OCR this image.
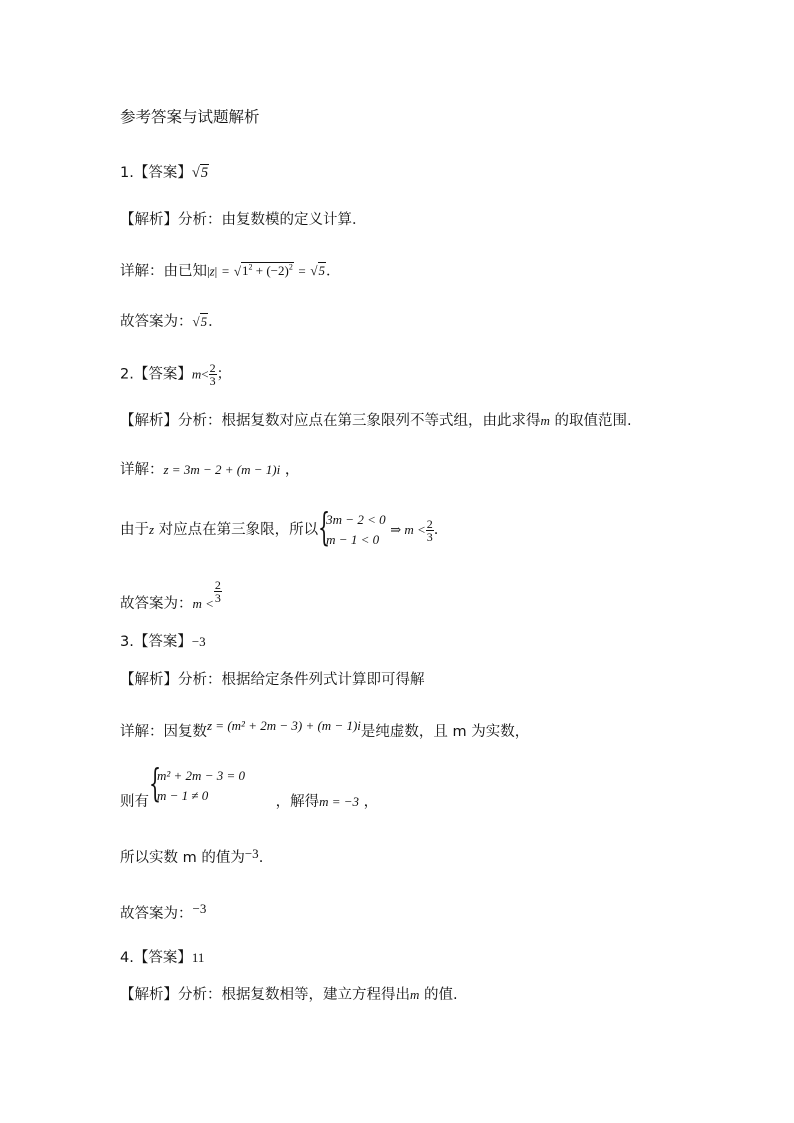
参考答案与试题解析
1.【答案】√5
【解析】分析：由复数模的定义计算．
详解：由已知$|z| = √1^2 + (-2)^2 = √5$．
故答案为：√5．
2.【答案】$m< \frac{2}{3}$ ；
【解析】分析：根据复数对应点在第三象限列不等式组，由此求得m 的取值范围.
详解：z = 3m − 2 + (m − 1)i ，
由于z 对应点在第三象限，所以 {
3m − 2 < 0
m − 1 < 0
⇒ $m < \frac{2}{3}$ .
故答案为：$m < \frac{2}{3}$
3.【答案】−3
【解析】分析：根据给定条件列式计算即可得解
详解：因复数z = (m² + 2m − 3) + (m − 1)i是纯虚数，且 m 为实数，
则有 {
m² + 2m − 3 = 0
m − 1 ≠ 0	，解得m = −3 ，
所以实数 m 的值为−3.
故答案为：−3
4.【答案】11
【解析】分析：根据复数相等，建立方程得出m 的值.
